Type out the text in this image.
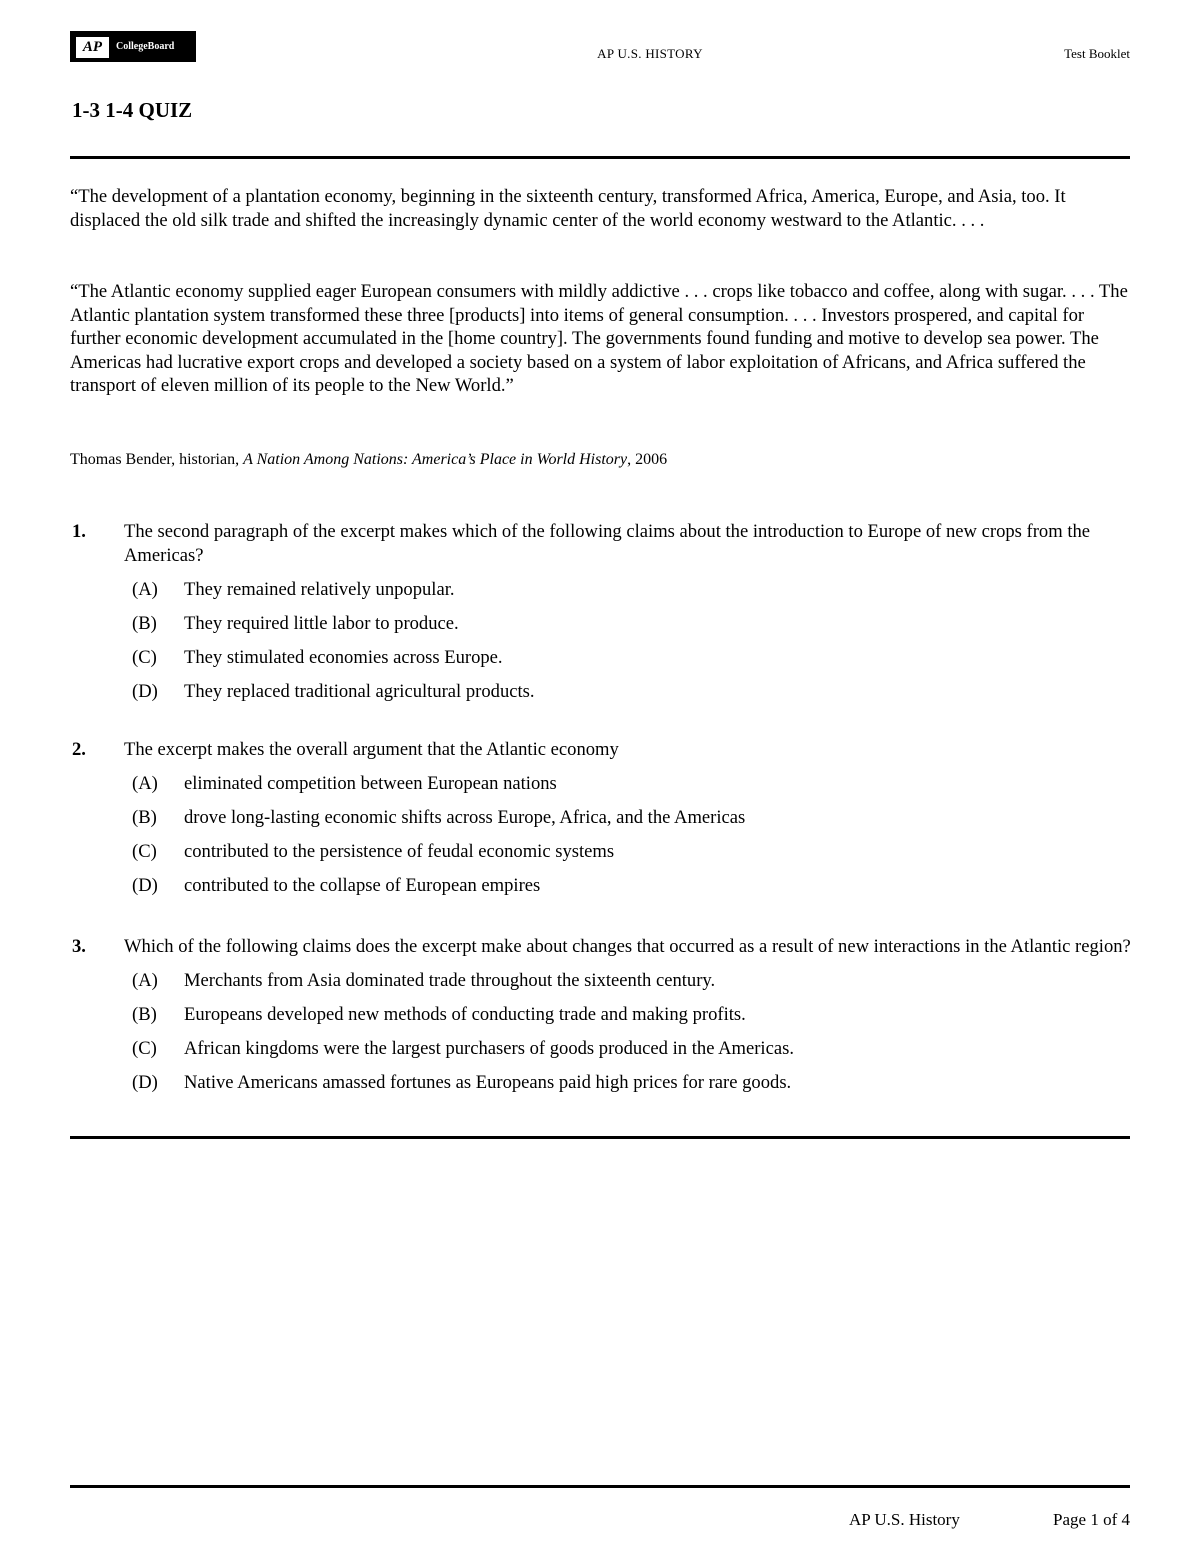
AP	CollegeBoard	AP U.S. HISTORY	Test Booklet
1-3 1-4 QUIZ
“The development of a plantation economy, beginning in the sixteenth century, transformed Africa, America, Europe, and Asia, too. It displaced the old silk trade and shifted the increasingly dynamic center of the world economy westward to the Atlantic. . . .
“The Atlantic economy supplied eager European consumers with mildly addictive . . . crops like tobacco and coffee, along with sugar. . . . The Atlantic plantation system transformed these three [products] into items of general consumption. . . . Investors prospered, and capital for further economic development accumulated in the [home country]. The governments found funding and motive to develop sea power. The Americas had lucrative export crops and developed a society based on a system of labor exploitation of Africans, and Africa suffered the transport of eleven million of its people to the New World.”
Thomas Bender, historian, A Nation Among Nations: America’s Place in World History, 2006
1. The second paragraph of the excerpt makes which of the following claims about the introduction to Europe of new crops from the Americas?
(A) They remained relatively unpopular.
(B) They required little labor to produce.
(C) They stimulated economies across Europe.
(D) They replaced traditional agricultural products.
2. The excerpt makes the overall argument that the Atlantic economy
(A) eliminated competition between European nations
(B) drove long-lasting economic shifts across Europe, Africa, and the Americas
(C) contributed to the persistence of feudal economic systems
(D) contributed to the collapse of European empires
3. Which of the following claims does the excerpt make about changes that occurred as a result of new interactions in the Atlantic region?
(A) Merchants from Asia dominated trade throughout the sixteenth century.
(B) Europeans developed new methods of conducting trade and making profits.
(C) African kingdoms were the largest purchasers of goods produced in the Americas.
(D) Native Americans amassed fortunes as Europeans paid high prices for rare goods.
AP U.S. History	Page 1 of 4
